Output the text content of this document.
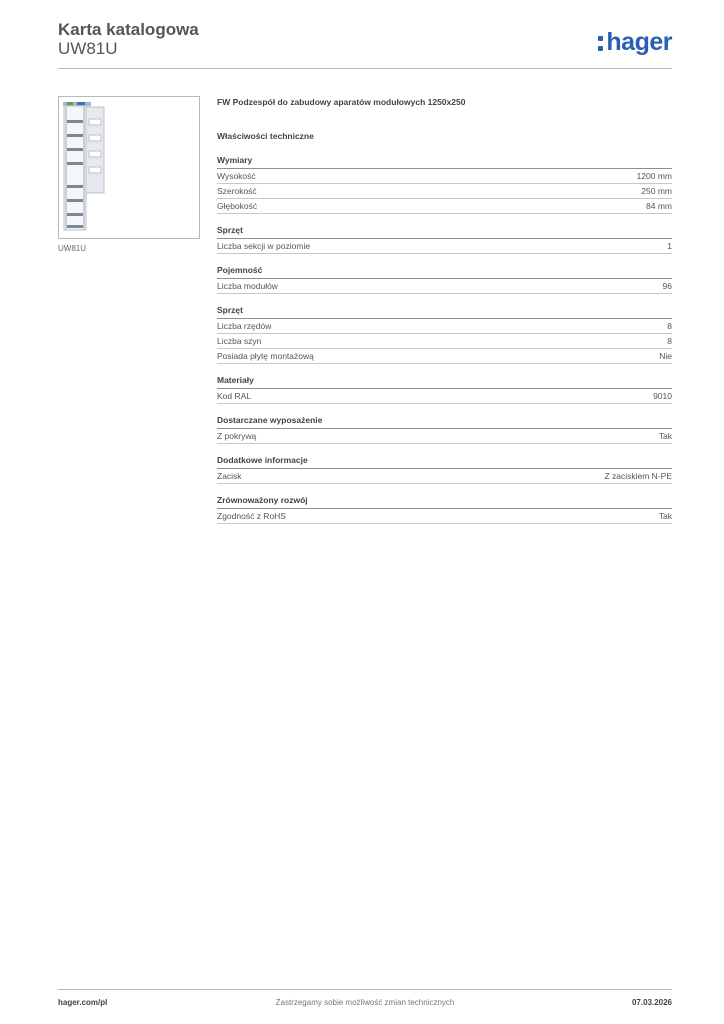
Karta katalogowa
UW81U	hager
UW81U
FW Podzespół do zabudowy aparatów modułowych 1250x250
Właściwości techniczne
Wymiary
Wysokość	1200 mm
Szerokość	250 mm
Głębokość	84 mm
Sprzęt
Liczba sekcji w poziomie	1
Pojemność
Liczba modułów	96
Sprzęt
Liczba rzędów	8
Liczba szyn	8
Posiada płytę montażową	Nie
Materiały
Kod RAL	9010
Dostarczane wyposażenie
Z pokrywą	Tak
Dodatkowe informacje
Zacisk	Z zaciskiem N-PE
Zrównoważony rozwój
Zgodność z RoHS	Tak
Zastrzegamy sobie możliwość zmian technicznych
hager.com/pl	07.03.2026
